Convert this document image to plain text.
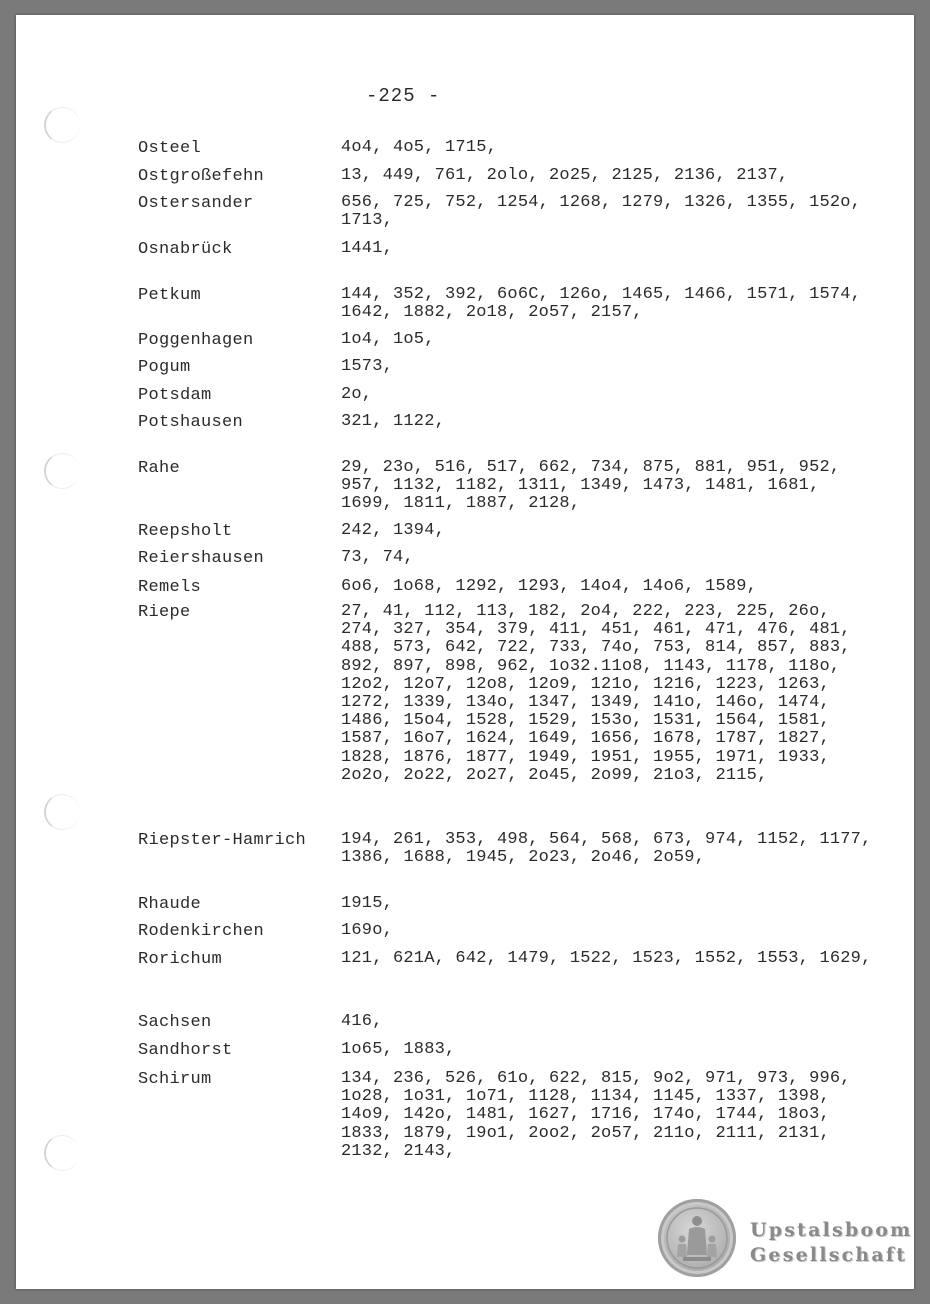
-225 -
Osteel	4o4, 4o5, 1715,
Ostgroßefehn	13, 449, 761, 2olo, 2o25, 2125, 2136, 2137,
Ostersander	656, 725, 752, 1254, 1268, 1279, 1326, 1355, 152o, 1713,
Osnabrück	1441,
Petkum	144, 352, 392, 6o6C, 126o, 1465, 1466, 1571, 1574, 1642, 1882, 2o18, 2o57, 2157,
Poggenhagen	1o4, 1o5,
Pogum	1573,
Potsdam	2o,
Potshausen	321, 1122,
Rahe	29, 23o, 516, 517, 662, 734, 875, 881, 951, 952, 957, 1132, 1182, 1311, 1349, 1473, 1481, 1681, 1699, 1811, 1887, 2128,
Reepsholt	242, 1394,
Reiershausen	73, 74,
Remels	6o6, 1o68, 1292, 1293, 14o4, 14o6, 1589,
Riepe	27, 41, 112, 113, 182, 2o4, 222, 223, 225, 26o, 274, 327, 354, 379, 411, 451, 461, 471, 476, 481, 488, 573, 642, 722, 733, 74o, 753, 814, 857, 883, 892, 897, 898, 962, 1o32.11o8, 1143, 1178, 118o, 12o2, 12o7, 12o8, 12o9, 121o, 1216, 1223, 1263, 1272, 1339, 134o, 1347, 1349, 141o, 146o, 1474, 1486, 15o4, 1528, 1529, 153o, 1531, 1564, 1581, 1587, 16o7, 1624, 1649, 1656, 1678, 1787, 1827, 1828, 1876, 1877, 1949, 1951, 1955, 1971, 1933, 2o2o, 2o22, 2o27, 2o45, 2o99, 21o3, 2115,
Riepster-Hamrich 194, 261, 353, 498, 564, 568, 673, 974, 1152, 1177, 1386, 1688, 1945, 2o23, 2o46, 2o59,
Rhaude	1915,
Rodenkirchen	169o,
Rorichum	121, 621A, 642, 1479, 1522, 1523, 1552, 1553, 1629,
Sachsen	416,
Sandhorst	1o65, 1883,
Schirum	134, 236, 526, 61o, 622, 815, 9o2, 971, 973, 996, 1o28, 1o31, 1o71, 1128, 1134, 1145, 1337, 1398, 14o9, 142o, 1481, 1627, 1716, 174o, 1744, 18o3, 1833, 1879, 19o1, 2oo2, 2o57, 211o, 2111, 2131, 2132, 2143,
Upstalsboom
Gesellschaft
